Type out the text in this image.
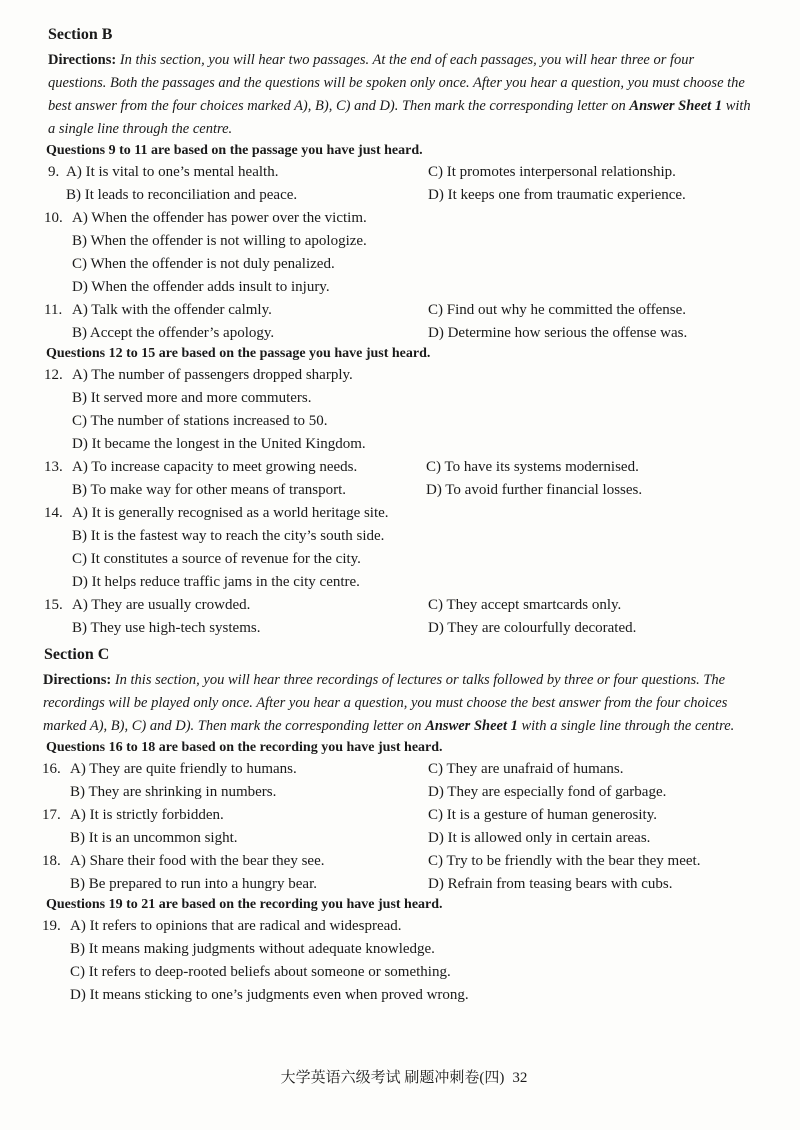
Section B
Directions: In this section, you will hear two passages. At the end of each passages, you will hear three or four questions. Both the passages and the questions will be spoken only once. After you hear a question, you must choose the best answer from the four choices marked A), B), C) and D). Then mark the corresponding letter on Answer Sheet 1 with a single line through the centre.
Questions 9 to 11 are based on the passage you have just heard.
9. A) It is vital to one’s mental health.	C) It promotes interpersonal relationship.
B) It leads to reconciliation and peace.	D) It keeps one from traumatic experience.
10. A) When the offender has power over the victim.
B) When the offender is not willing to apologize.
C) When the offender is not duly penalized.
D) When the offender adds insult to injury.
11. A) Talk with the offender calmly.	C) Find out why he committed the offense.
B) Accept the offender’s apology.	D) Determine how serious the offense was.
Questions 12 to 15 are based on the passage you have just heard.
12. A) The number of passengers dropped sharply.
B) It served more and more commuters.
C) The number of stations increased to 50.
D) It became the longest in the United Kingdom.
13. A) To increase capacity to meet growing needs.	C) To have its systems modernised.
B) To make way for other means of transport.	D) To avoid further financial losses.
14. A) It is generally recognised as a world heritage site.
B) It is the fastest way to reach the city’s south side.
C) It constitutes a source of revenue for the city.
D) It helps reduce traffic jams in the city centre.
15. A) They are usually crowded.	C) They accept smartcards only.
B) They use high-tech systems.	D) They are colourfully decorated.
Section C
Directions: In this section, you will hear three recordings of lectures or talks followed by three or four questions. The recordings will be played only once. After you hear a question, you must choose the best answer from the four choices marked A), B), C) and D). Then mark the corresponding letter on Answer Sheet 1 with a single line through the centre.
Questions 16 to 18 are based on the recording you have just heard.
16. A) They are quite friendly to humans.	C) They are unafraid of humans.
B) They are shrinking in numbers.	D) They are especially fond of garbage.
17. A) It is strictly forbidden.	C) It is a gesture of human generosity.
B) It is an uncommon sight.	D) It is allowed only in certain areas.
18. A) Share their food with the bear they see.	C) Try to be friendly with the bear they meet.
B) Be prepared to run into a hungry bear.	D) Refrain from teasing bears with cubs.
Questions 19 to 21 are based on the recording you have just heard.
19. A) It refers to opinions that are radical and widespread.
B) It means making judgments without adequate knowledge.
C) It refers to deep-rooted beliefs about someone or something.
D) It means sticking to one’s judgments even when proved wrong.
大学英语六级考试 刷题冲刺卷(四) 32
